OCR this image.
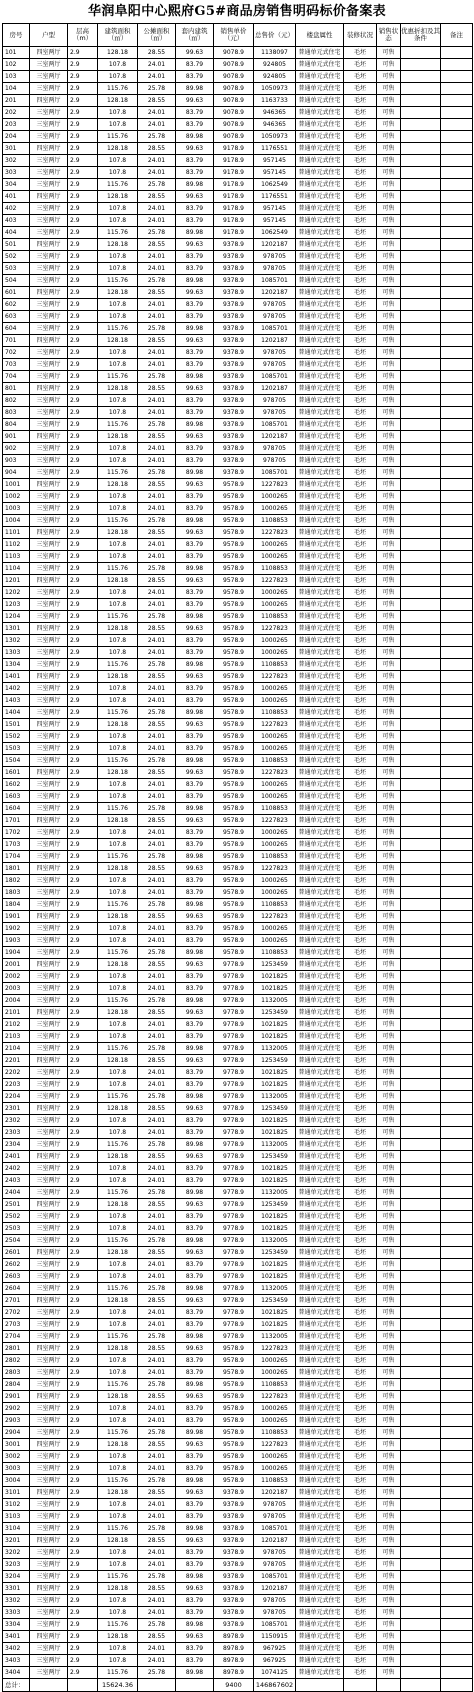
华润阜阳中心熙府G5#商品房销售明码标价备案表
房号	户型	层高（m）	建筑面积（㎡）	公摊面积（㎡）	套内建筑（㎡）	销售单价（元）	总售价（元）	楼盘属性	装修状况	销售状态	优惠折扣及其条件	备注
101	四室两厅	2.9	128.18	28.55	99.63	9078.9	1138097	普通单元式住宅	毛坯	可售		
102	三室两厅	2.9	107.8	24.01	83.79	9078.9	924805	普通单元式住宅	毛坯	可售		
103	三室两厅	2.9	107.8	24.01	83.79	9078.9	924805	普通单元式住宅	毛坯	可售		
104	三室两厅	2.9	115.76	25.78	89.98	9078.9	1050973	普通单元式住宅	毛坯	可售		
201	四室两厅	2.9	128.18	28.55	99.63	9078.9	1163733	普通单元式住宅	毛坯	可售		
202	三室两厅	2.9	107.8	24.01	83.79	9078.9	946365	普通单元式住宅	毛坯	可售		
203	三室两厅	2.9	107.8	24.01	83.79	9078.9	946365	普通单元式住宅	毛坯	可售		
204	三室两厅	2.9	115.76	25.78	89.98	9078.9	1050973	普通单元式住宅	毛坯	可售		
301	四室两厅	2.9	128.18	28.55	99.63	9178.9	1176551	普通单元式住宅	毛坯	可售		
302	三室两厅	2.9	107.8	24.01	83.79	9178.9	957145	普通单元式住宅	毛坯	可售		
303	三室两厅	2.9	107.8	24.01	83.79	9178.9	957145	普通单元式住宅	毛坯	可售		
304	三室两厅	2.9	115.76	25.78	89.98	9178.9	1062549	普通单元式住宅	毛坯	可售		
401	四室两厅	2.9	128.18	28.55	99.63	9178.9	1176551	普通单元式住宅	毛坯	可售		
402	三室两厅	2.9	107.8	24.01	83.79	9178.9	957145	普通单元式住宅	毛坯	可售		
403	三室两厅	2.9	107.8	24.01	83.79	9178.9	957145	普通单元式住宅	毛坯	可售		
404	三室两厅	2.9	115.76	25.78	89.98	9178.9	1062549	普通单元式住宅	毛坯	可售		
501	四室两厅	2.9	128.18	28.55	99.63	9378.9	1202187	普通单元式住宅	毛坯	可售		
502	三室两厅	2.9	107.8	24.01	83.79	9378.9	978705	普通单元式住宅	毛坯	可售		
503	三室两厅	2.9	107.8	24.01	83.79	9378.9	978705	普通单元式住宅	毛坯	可售		
504	三室两厅	2.9	115.76	25.78	89.98	9378.9	1085701	普通单元式住宅	毛坯	可售		
601	四室两厅	2.9	128.18	28.55	99.63	9378.9	1202187	普通单元式住宅	毛坯	可售		
602	三室两厅	2.9	107.8	24.01	83.79	9378.9	978705	普通单元式住宅	毛坯	可售		
603	三室两厅	2.9	107.8	24.01	83.79	9378.9	978705	普通单元式住宅	毛坯	可售		
604	三室两厅	2.9	115.76	25.78	89.98	9378.9	1085701	普通单元式住宅	毛坯	可售		
701	四室两厅	2.9	128.18	28.55	99.63	9378.9	1202187	普通单元式住宅	毛坯	可售		
702	三室两厅	2.9	107.8	24.01	83.79	9378.9	978705	普通单元式住宅	毛坯	可售		
703	三室两厅	2.9	107.8	24.01	83.79	9378.9	978705	普通单元式住宅	毛坯	可售		
704	三室两厅	2.9	115.76	25.78	89.98	9378.9	1085701	普通单元式住宅	毛坯	可售		
801	四室两厅	2.9	128.18	28.55	99.63	9378.9	1202187	普通单元式住宅	毛坯	可售		
802	三室两厅	2.9	107.8	24.01	83.79	9378.9	978705	普通单元式住宅	毛坯	可售		
803	三室两厅	2.9	107.8	24.01	83.79	9378.9	978705	普通单元式住宅	毛坯	可售		
804	三室两厅	2.9	115.76	25.78	89.98	9378.9	1085701	普通单元式住宅	毛坯	可售		
901	四室两厅	2.9	128.18	28.55	99.63	9378.9	1202187	普通单元式住宅	毛坯	可售		
902	三室两厅	2.9	107.8	24.01	83.79	9378.9	978705	普通单元式住宅	毛坯	可售		
903	三室两厅	2.9	107.8	24.01	83.79	9378.9	978705	普通单元式住宅	毛坯	可售		
904	三室两厅	2.9	115.76	25.78	89.98	9378.9	1085701	普通单元式住宅	毛坯	可售		
1001	四室两厅	2.9	128.18	28.55	99.63	9578.9	1227823	普通单元式住宅	毛坯	可售		
1002	三室两厅	2.9	107.8	24.01	83.79	9578.9	1000265	普通单元式住宅	毛坯	可售		
1003	三室两厅	2.9	107.8	24.01	83.79	9578.9	1000265	普通单元式住宅	毛坯	可售		
1004	三室两厅	2.9	115.76	25.78	89.98	9578.9	1108853	普通单元式住宅	毛坯	可售		
1101	四室两厅	2.9	128.18	28.55	99.63	9578.9	1227823	普通单元式住宅	毛坯	可售		
1102	三室两厅	2.9	107.8	24.01	83.79	9578.9	1000265	普通单元式住宅	毛坯	可售		
1103	三室两厅	2.9	107.8	24.01	83.79	9578.9	1000265	普通单元式住宅	毛坯	可售		
1104	三室两厅	2.9	115.76	25.78	89.98	9578.9	1108853	普通单元式住宅	毛坯	可售		
1201	四室两厅	2.9	128.18	28.55	99.63	9578.9	1227823	普通单元式住宅	毛坯	可售		
1202	三室两厅	2.9	107.8	24.01	83.79	9578.9	1000265	普通单元式住宅	毛坯	可售		
1203	三室两厅	2.9	107.8	24.01	83.79	9578.9	1000265	普通单元式住宅	毛坯	可售		
1204	三室两厅	2.9	115.76	25.78	89.98	9578.9	1108853	普通单元式住宅	毛坯	可售		
1301	四室两厅	2.9	128.18	28.55	99.63	9578.9	1227823	普通单元式住宅	毛坯	可售		
1302	三室两厅	2.9	107.8	24.01	83.79	9578.9	1000265	普通单元式住宅	毛坯	可售		
1303	三室两厅	2.9	107.8	24.01	83.79	9578.9	1000265	普通单元式住宅	毛坯	可售		
1304	三室两厅	2.9	115.76	25.78	89.98	9578.9	1108853	普通单元式住宅	毛坯	可售		
1401	四室两厅	2.9	128.18	28.55	99.63	9578.9	1227823	普通单元式住宅	毛坯	可售		
1402	三室两厅	2.9	107.8	24.01	83.79	9578.9	1000265	普通单元式住宅	毛坯	可售		
1403	三室两厅	2.9	107.8	24.01	83.79	9578.9	1000265	普通单元式住宅	毛坯	可售		
1404	三室两厅	2.9	115.76	25.78	89.98	9578.9	1108853	普通单元式住宅	毛坯	可售		
1501	四室两厅	2.9	128.18	28.55	99.63	9578.9	1227823	普通单元式住宅	毛坯	可售		
1502	三室两厅	2.9	107.8	24.01	83.79	9578.9	1000265	普通单元式住宅	毛坯	可售		
1503	三室两厅	2.9	107.8	24.01	83.79	9578.9	1000265	普通单元式住宅	毛坯	可售		
1504	三室两厅	2.9	115.76	25.78	89.98	9578.9	1108853	普通单元式住宅	毛坯	可售		
1601	四室两厅	2.9	128.18	28.55	99.63	9578.9	1227823	普通单元式住宅	毛坯	可售		
1602	三室两厅	2.9	107.8	24.01	83.79	9578.9	1000265	普通单元式住宅	毛坯	可售		
1603	三室两厅	2.9	107.8	24.01	83.79	9578.9	1000265	普通单元式住宅	毛坯	可售		
1604	三室两厅	2.9	115.76	25.78	89.98	9578.9	1108853	普通单元式住宅	毛坯	可售		
1701	四室两厅	2.9	128.18	28.55	99.63	9578.9	1227823	普通单元式住宅	毛坯	可售		
1702	三室两厅	2.9	107.8	24.01	83.79	9578.9	1000265	普通单元式住宅	毛坯	可售		
1703	三室两厅	2.9	107.8	24.01	83.79	9578.9	1000265	普通单元式住宅	毛坯	可售		
1704	三室两厅	2.9	115.76	25.78	89.98	9578.9	1108853	普通单元式住宅	毛坯	可售		
1801	四室两厅	2.9	128.18	28.55	99.63	9578.9	1227823	普通单元式住宅	毛坯	可售		
1802	三室两厅	2.9	107.8	24.01	83.79	9578.9	1000265	普通单元式住宅	毛坯	可售		
1803	三室两厅	2.9	107.8	24.01	83.79	9578.9	1000265	普通单元式住宅	毛坯	可售		
1804	三室两厅	2.9	115.76	25.78	89.98	9578.9	1108853	普通单元式住宅	毛坯	可售		
1901	四室两厅	2.9	128.18	28.55	99.63	9578.9	1227823	普通单元式住宅	毛坯	可售		
1902	三室两厅	2.9	107.8	24.01	83.79	9578.9	1000265	普通单元式住宅	毛坯	可售		
1903	三室两厅	2.9	107.8	24.01	83.79	9578.9	1000265	普通单元式住宅	毛坯	可售		
1904	三室两厅	2.9	115.76	25.78	89.98	9578.9	1108853	普通单元式住宅	毛坯	可售		
2001	四室两厅	2.9	128.18	28.55	99.63	9778.9	1253459	普通单元式住宅	毛坯	可售		
2002	三室两厅	2.9	107.8	24.01	83.79	9778.9	1021825	普通单元式住宅	毛坯	可售		
2003	三室两厅	2.9	107.8	24.01	83.79	9778.9	1021825	普通单元式住宅	毛坯	可售		
2004	三室两厅	2.9	115.76	25.78	89.98	9778.9	1132005	普通单元式住宅	毛坯	可售		
2101	四室两厅	2.9	128.18	28.55	99.63	9778.9	1253459	普通单元式住宅	毛坯	可售		
2102	三室两厅	2.9	107.8	24.01	83.79	9778.9	1021825	普通单元式住宅	毛坯	可售		
2103	三室两厅	2.9	107.8	24.01	83.79	9778.9	1021825	普通单元式住宅	毛坯	可售		
2104	三室两厅	2.9	115.76	25.78	89.98	9778.9	1132005	普通单元式住宅	毛坯	可售		
2201	四室两厅	2.9	128.18	28.55	99.63	9778.9	1253459	普通单元式住宅	毛坯	可售		
2202	三室两厅	2.9	107.8	24.01	83.79	9778.9	1021825	普通单元式住宅	毛坯	可售		
2203	三室两厅	2.9	107.8	24.01	83.79	9778.9	1021825	普通单元式住宅	毛坯	可售		
2204	三室两厅	2.9	115.76	25.78	89.98	9778.9	1132005	普通单元式住宅	毛坯	可售		
2301	四室两厅	2.9	128.18	28.55	99.63	9778.9	1253459	普通单元式住宅	毛坯	可售		
2302	三室两厅	2.9	107.8	24.01	83.79	9778.9	1021825	普通单元式住宅	毛坯	可售		
2303	三室两厅	2.9	107.8	24.01	83.79	9778.9	1021825	普通单元式住宅	毛坯	可售		
2304	三室两厅	2.9	115.76	25.78	89.98	9778.9	1132005	普通单元式住宅	毛坯	可售		
2401	四室两厅	2.9	128.18	28.55	99.63	9778.9	1253459	普通单元式住宅	毛坯	可售		
2402	三室两厅	2.9	107.8	24.01	83.79	9778.9	1021825	普通单元式住宅	毛坯	可售		
2403	三室两厅	2.9	107.8	24.01	83.79	9778.9	1021825	普通单元式住宅	毛坯	可售		
2404	三室两厅	2.9	115.76	25.78	89.98	9778.9	1132005	普通单元式住宅	毛坯	可售		
2501	四室两厅	2.9	128.18	28.55	99.63	9778.9	1253459	普通单元式住宅	毛坯	可售		
2502	三室两厅	2.9	107.8	24.01	83.79	9778.9	1021825	普通单元式住宅	毛坯	可售		
2503	三室两厅	2.9	107.8	24.01	83.79	9778.9	1021825	普通单元式住宅	毛坯	可售		
2504	三室两厅	2.9	115.76	25.78	89.98	9778.9	1132005	普通单元式住宅	毛坯	可售		
2601	四室两厅	2.9	128.18	28.55	99.63	9778.9	1253459	普通单元式住宅	毛坯	可售		
2602	三室两厅	2.9	107.8	24.01	83.79	9778.9	1021825	普通单元式住宅	毛坯	可售		
2603	三室两厅	2.9	107.8	24.01	83.79	9778.9	1021825	普通单元式住宅	毛坯	可售		
2604	三室两厅	2.9	115.76	25.78	89.98	9778.9	1132005	普通单元式住宅	毛坯	可售		
2701	四室两厅	2.9	128.18	28.55	99.63	9778.9	1253459	普通单元式住宅	毛坯	可售		
2702	三室两厅	2.9	107.8	24.01	83.79	9778.9	1021825	普通单元式住宅	毛坯	可售		
2703	三室两厅	2.9	107.8	24.01	83.79	9778.9	1021825	普通单元式住宅	毛坯	可售		
2704	三室两厅	2.9	115.76	25.78	89.98	9778.9	1132005	普通单元式住宅	毛坯	可售		
2801	四室两厅	2.9	128.18	28.55	99.63	9578.9	1227823	普通单元式住宅	毛坯	可售		
2802	三室两厅	2.9	107.8	24.01	83.79	9578.9	1000265	普通单元式住宅	毛坯	可售		
2803	三室两厅	2.9	107.8	24.01	83.79	9578.9	1000265	普通单元式住宅	毛坯	可售		
2804	三室两厅	2.9	115.76	25.78	89.98	9578.9	1108853	普通单元式住宅	毛坯	可售		
2901	四室两厅	2.9	128.18	28.55	99.63	9578.9	1227823	普通单元式住宅	毛坯	可售		
2902	三室两厅	2.9	107.8	24.01	83.79	9578.9	1000265	普通单元式住宅	毛坯	可售		
2903	三室两厅	2.9	107.8	24.01	83.79	9578.9	1000265	普通单元式住宅	毛坯	可售		
2904	三室两厅	2.9	115.76	25.78	89.98	9578.9	1108853	普通单元式住宅	毛坯	可售		
3001	四室两厅	2.9	128.18	28.55	99.63	9578.9	1227823	普通单元式住宅	毛坯	可售		
3002	三室两厅	2.9	107.8	24.01	83.79	9578.9	1000265	普通单元式住宅	毛坯	可售		
3003	三室两厅	2.9	107.8	24.01	83.79	9578.9	1000265	普通单元式住宅	毛坯	可售		
3004	三室两厅	2.9	115.76	25.78	89.98	9578.9	1108853	普通单元式住宅	毛坯	可售		
3101	四室两厅	2.9	128.18	28.55	99.63	9378.9	1202187	普通单元式住宅	毛坯	可售		
3102	三室两厅	2.9	107.8	24.01	83.79	9378.9	978705	普通单元式住宅	毛坯	可售		
3103	三室两厅	2.9	107.8	24.01	83.79	9378.9	978705	普通单元式住宅	毛坯	可售		
3104	三室两厅	2.9	115.76	25.78	89.98	9378.9	1085701	普通单元式住宅	毛坯	可售		
3201	四室两厅	2.9	128.18	28.55	99.63	9378.9	1202187	普通单元式住宅	毛坯	可售		
3202	三室两厅	2.9	107.8	24.01	83.79	9378.9	978705	普通单元式住宅	毛坯	可售		
3203	三室两厅	2.9	107.8	24.01	83.79	9378.9	978705	普通单元式住宅	毛坯	可售		
3204	三室两厅	2.9	115.76	25.78	89.98	9378.9	1085701	普通单元式住宅	毛坯	可售		
3301	四室两厅	2.9	128.18	28.55	99.63	9378.9	1202187	普通单元式住宅	毛坯	可售		
3302	三室两厅	2.9	107.8	24.01	83.79	9378.9	978705	普通单元式住宅	毛坯	可售		
3303	三室两厅	2.9	107.8	24.01	83.79	9378.9	978705	普通单元式住宅	毛坯	可售		
3304	三室两厅	2.9	115.76	25.78	89.98	9378.9	1085701	普通单元式住宅	毛坯	可售		
3401	四室两厅	2.9	128.18	28.55	99.63	8978.9	1150915	普通单元式住宅	毛坯	可售		
3402	三室两厅	2.9	107.8	24.01	83.79	8978.9	967925	普通单元式住宅	毛坯	可售		
3403	三室两厅	2.9	107.8	24.01	83.79	8978.9	967925	普通单元式住宅	毛坯	可售		
3404	三室两厅	2.9	115.76	25.78	89.98	8978.9	1074125	普通单元式住宅	毛坯	可售		
总计：			15624.36			9400	146867602					
